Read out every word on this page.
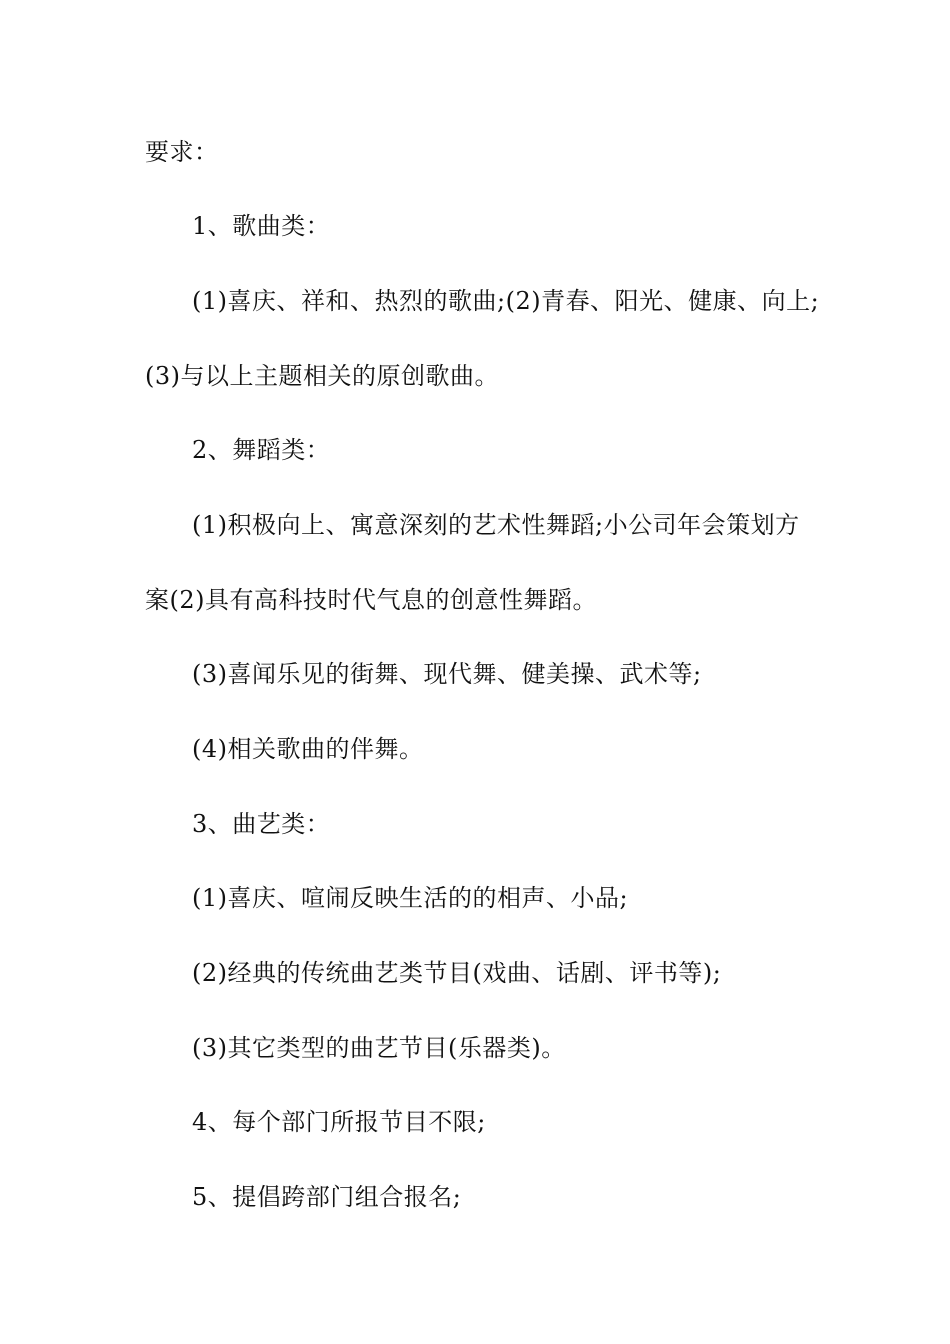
要求：
1、歌曲类：
(1)喜庆、祥和、热烈的歌曲;(2)青春、阳光、健康、向上;
(3)与以上主题相关的原创歌曲。
2、舞蹈类：
(1)积极向上、寓意深刻的艺术性舞蹈;小公司年会策划方
案(2)具有高科技时代气息的创意性舞蹈。
(3)喜闻乐见的街舞、现代舞、健美操、武术等;
(4)相关歌曲的伴舞。
3、曲艺类：
(1)喜庆、喧闹反映生活的的相声、小品;
(2)经典的传统曲艺类节目(戏曲、话剧、评书等);
(3)其它类型的曲艺节目(乐器类)。
4、每个部门所报节目不限;
5、提倡跨部门组合报名;
